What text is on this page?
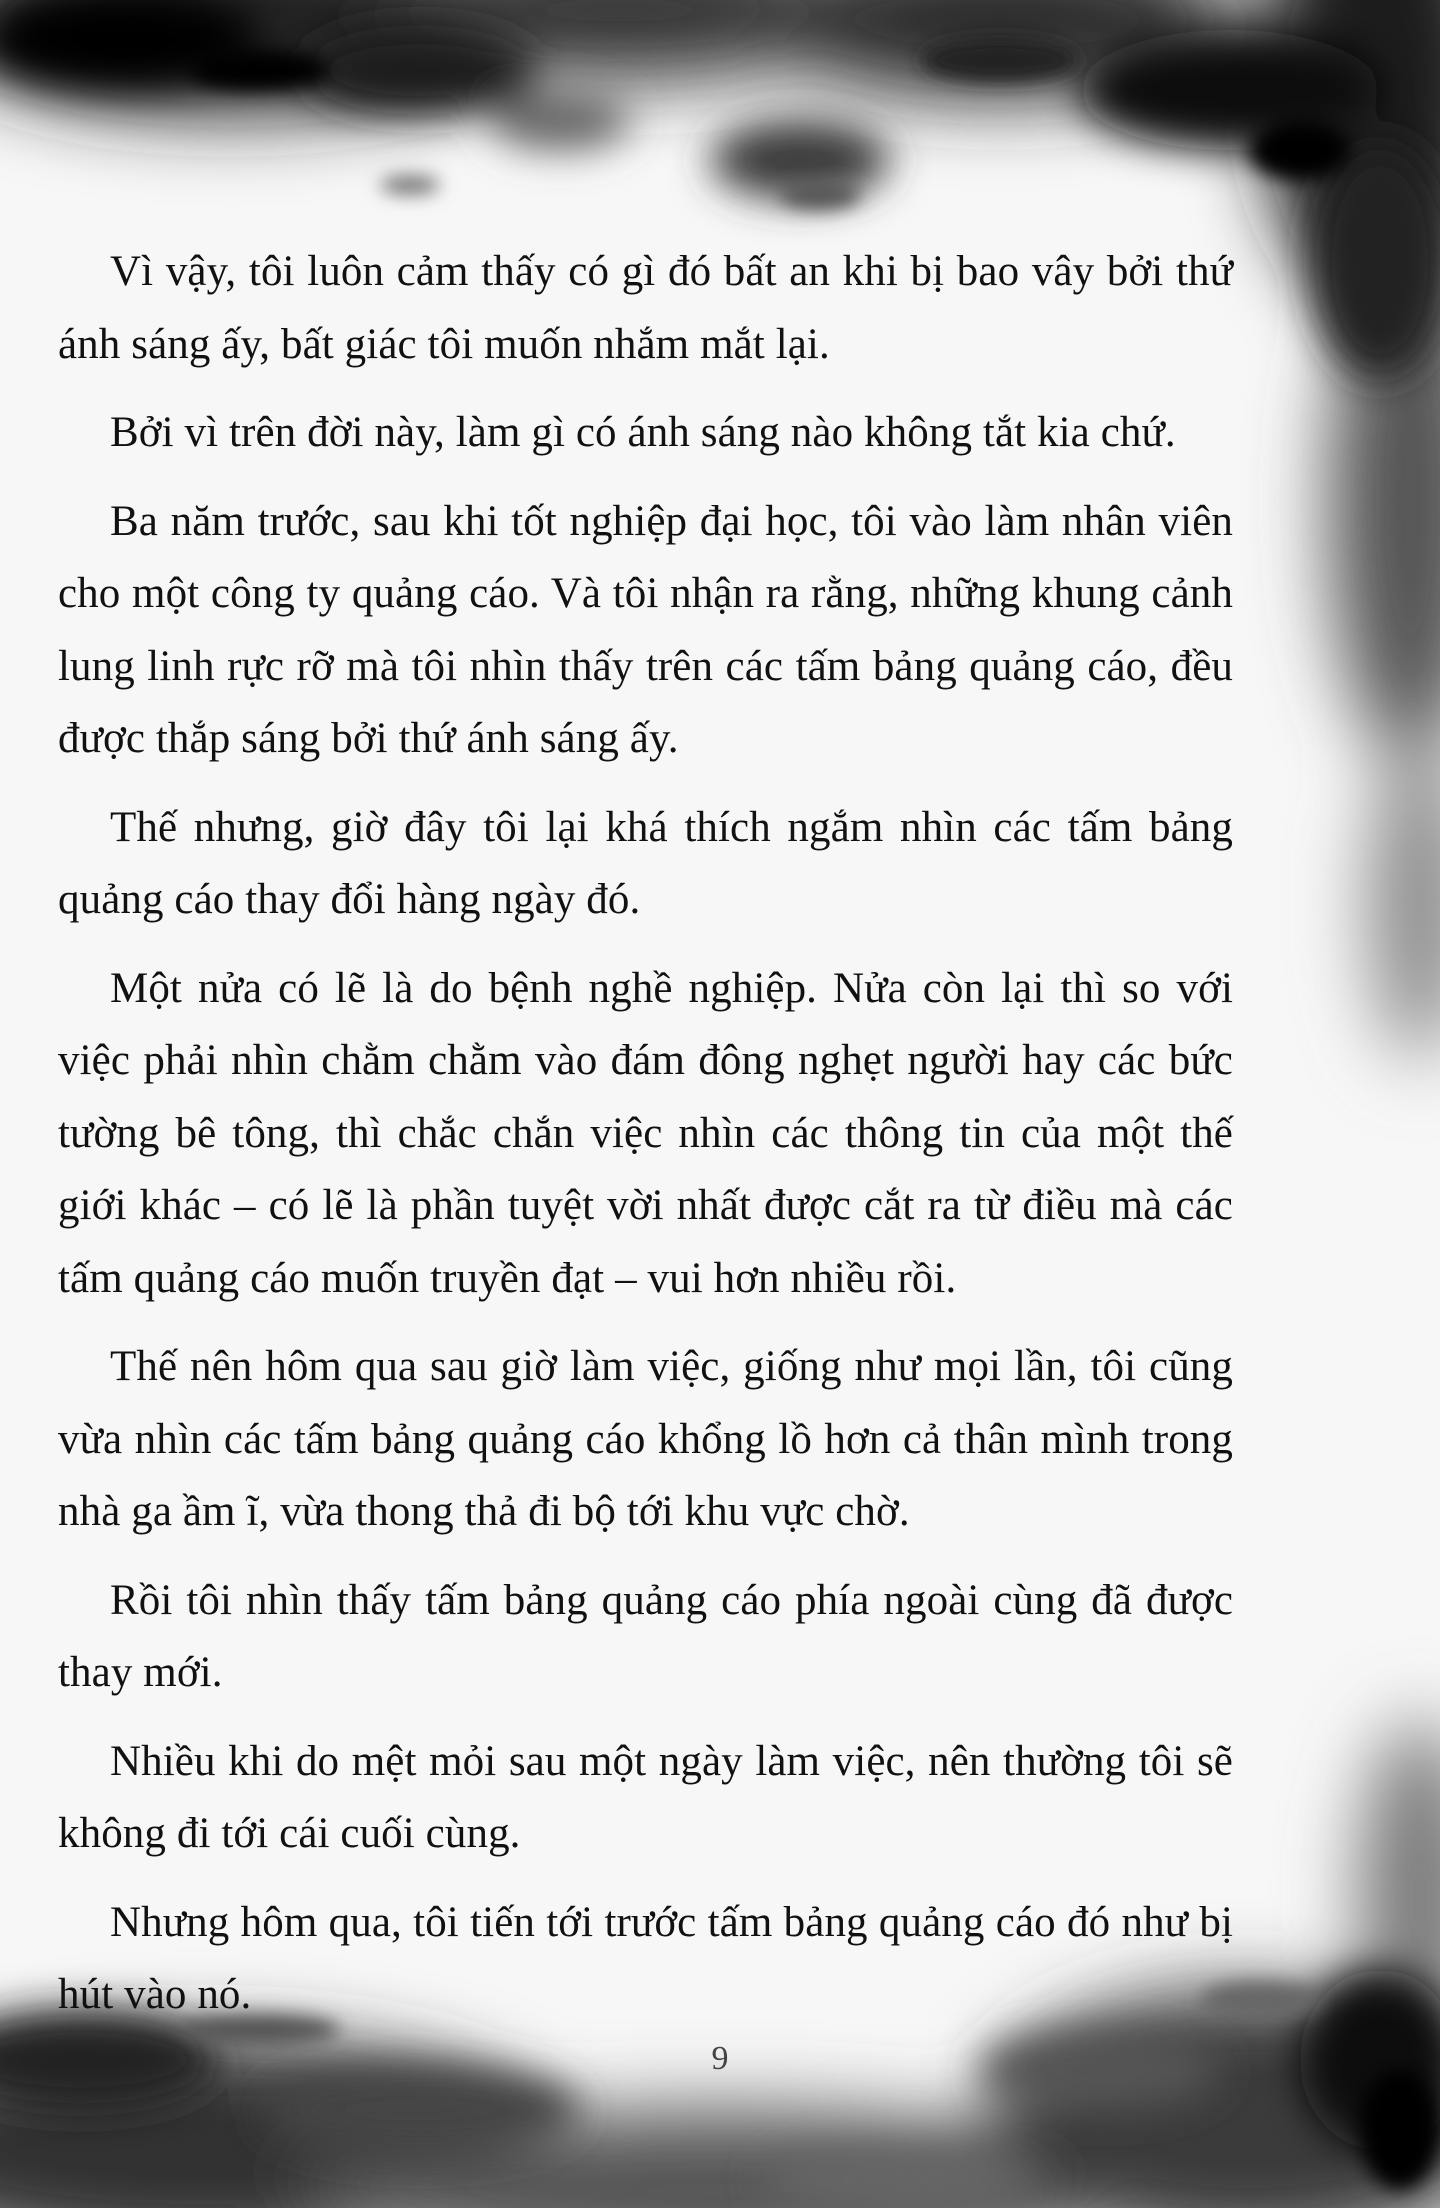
Vì vậy, tôi luôn cảm thấy có gì đó bất an khi bị bao vây bởi thứ ánh sáng ấy, bất giác tôi muốn nhắm mắt lại.

Bởi vì trên đời này, làm gì có ánh sáng nào không tắt kia chứ.

Ba năm trước, sau khi tốt nghiệp đại học, tôi vào làm nhân viên cho một công ty quảng cáo. Và tôi nhận ra rằng, những khung cảnh lung linh rực rỡ mà tôi nhìn thấy trên các tấm bảng quảng cáo, đều được thắp sáng bởi thứ ánh sáng ấy.

Thế nhưng, giờ đây tôi lại khá thích ngắm nhìn các tấm bảng quảng cáo thay đổi hàng ngày đó.

Một nửa có lẽ là do bệnh nghề nghiệp. Nửa còn lại thì so với việc phải nhìn chằm chằm vào đám đông nghẹt người hay các bức tường bê tông, thì chắc chắn việc nhìn các thông tin của một thế giới khác – có lẽ là phần tuyệt vời nhất được cắt ra từ điều mà các tấm quảng cáo muốn truyền đạt – vui hơn nhiều rồi.

Thế nên hôm qua sau giờ làm việc, giống như mọi lần, tôi cũng vừa nhìn các tấm bảng quảng cáo khổng lồ hơn cả thân mình trong nhà ga ầm ĩ, vừa thong thả đi bộ tới khu vực chờ.

Rồi tôi nhìn thấy tấm bảng quảng cáo phía ngoài cùng đã được thay mới.

Nhiều khi do mệt mỏi sau một ngày làm việc, nên thường tôi sẽ không đi tới cái cuối cùng.

Nhưng hôm qua, tôi tiến tới trước tấm bảng quảng cáo đó như bị hút vào nó.

9
